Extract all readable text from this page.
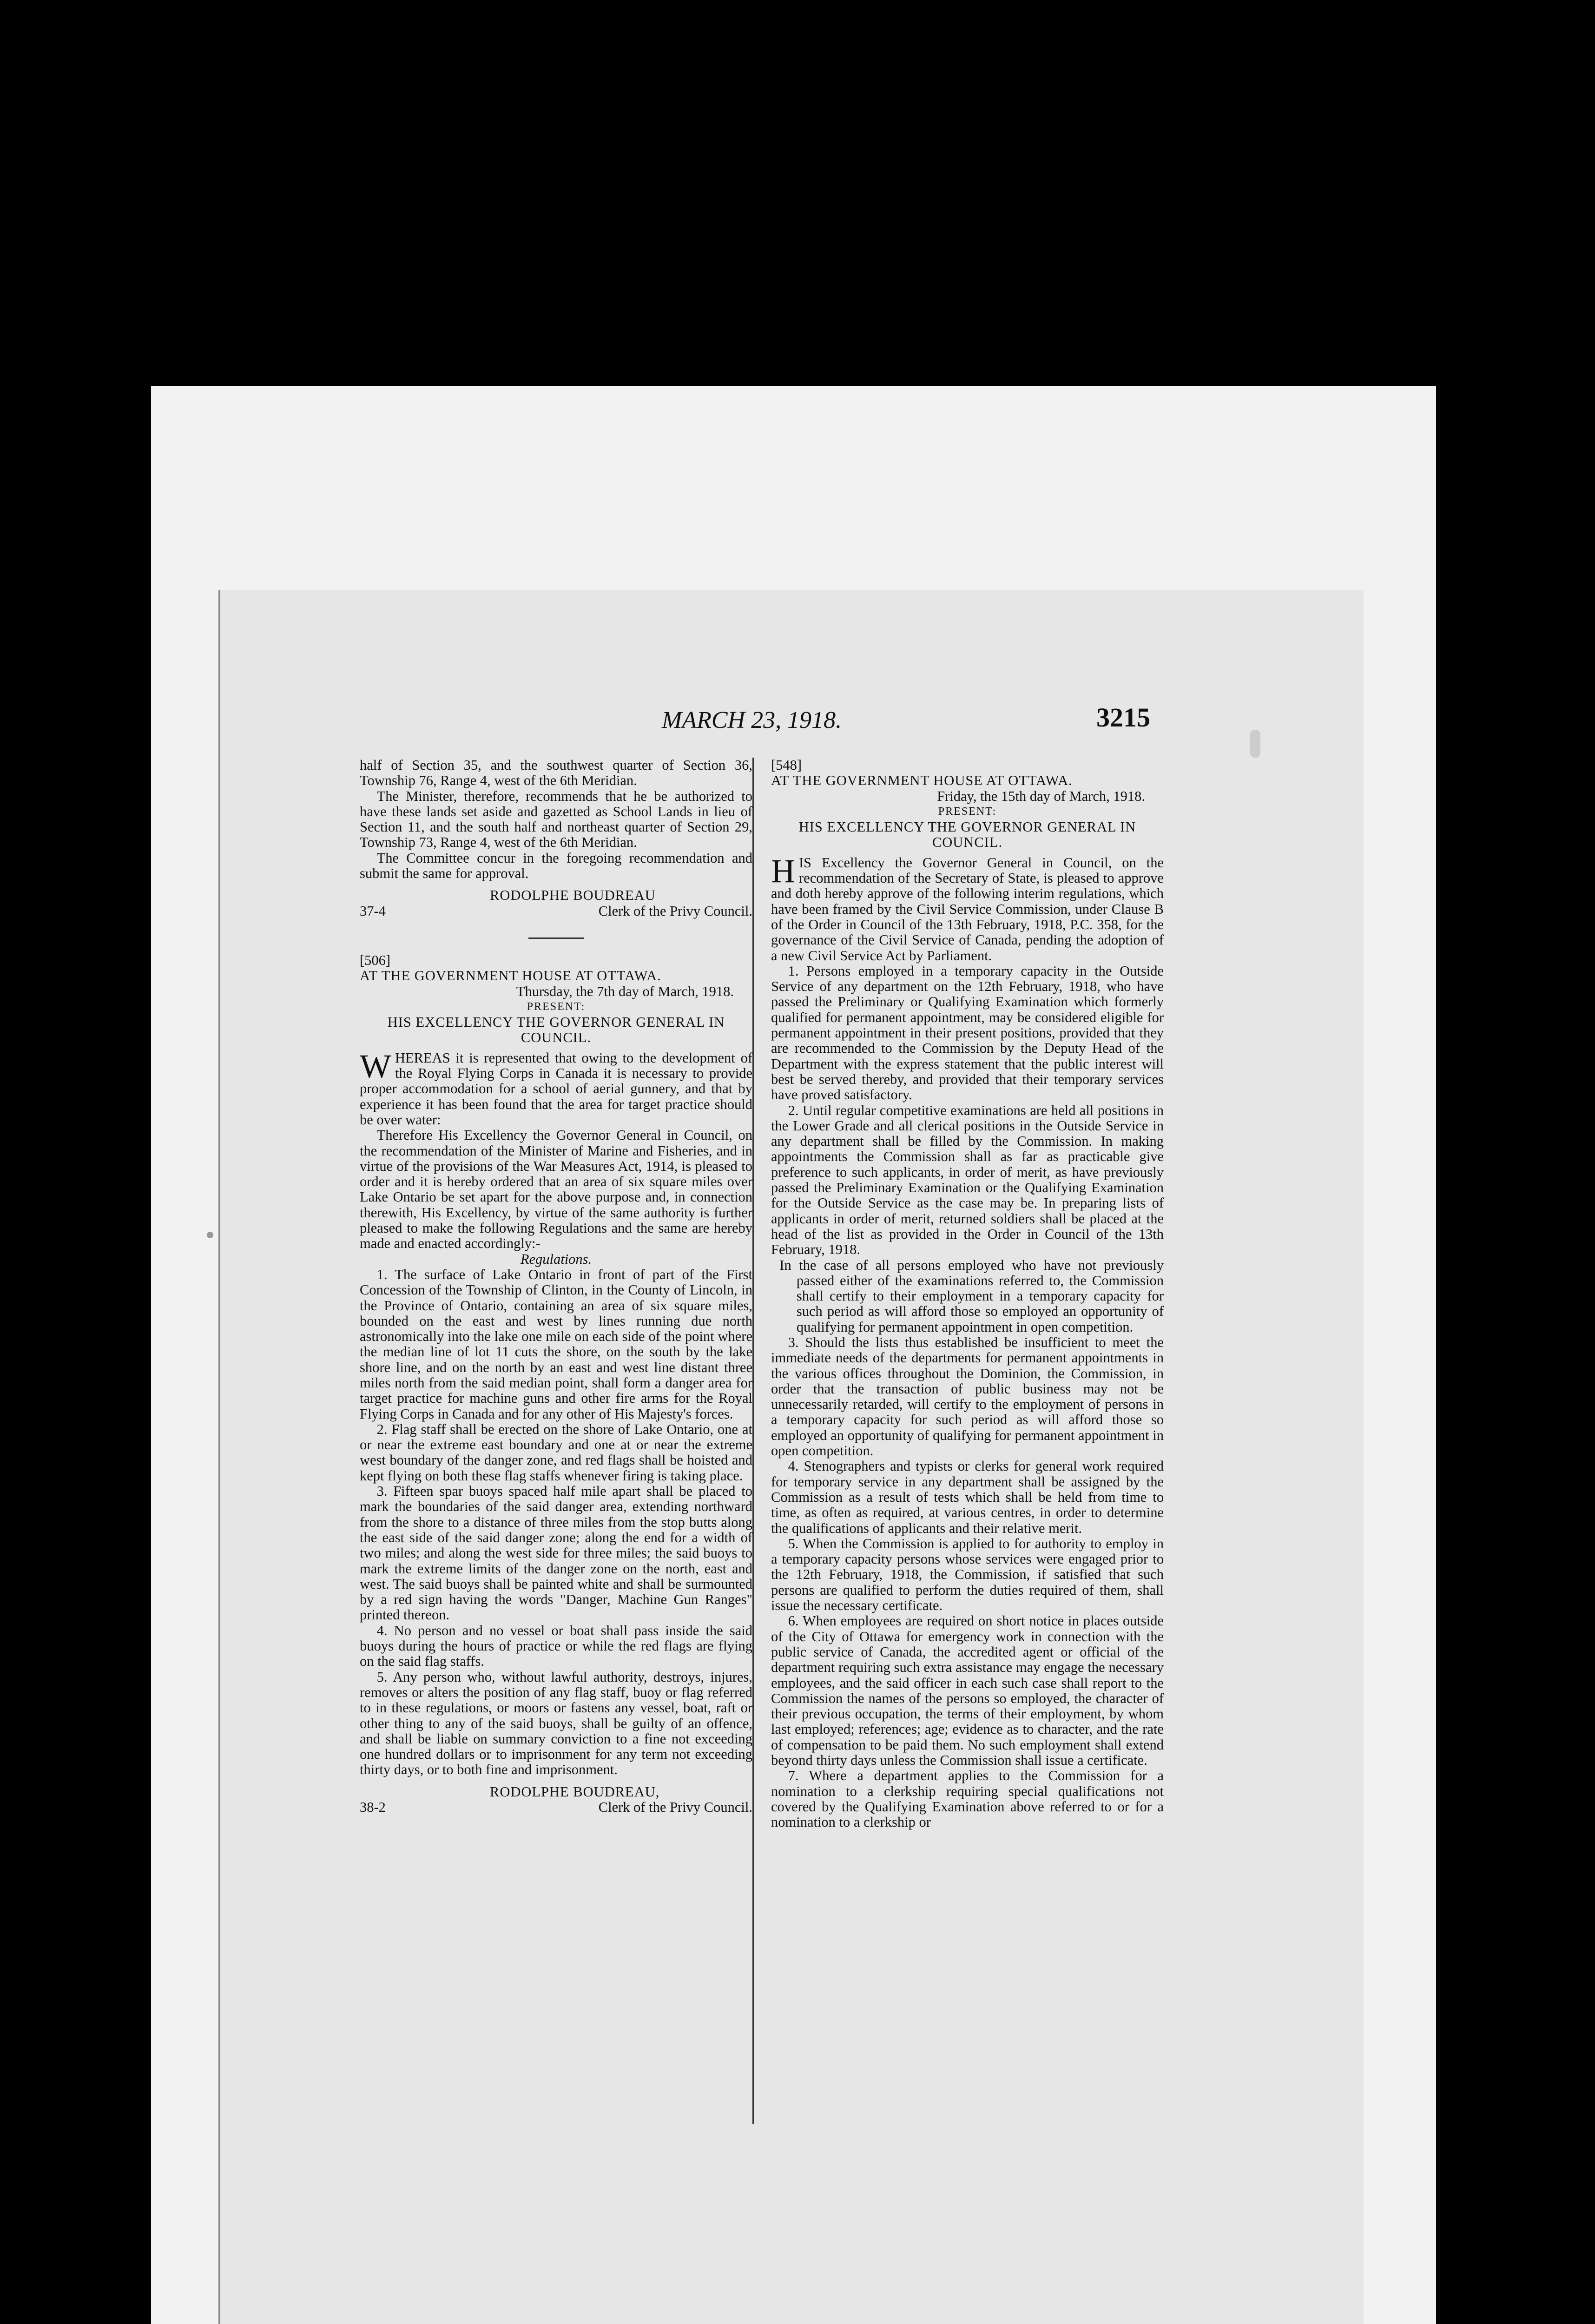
MARCH 23, 1918.	3215

half of Section 35, and the southwest quarter of Section 36, Township 76, Range 4, west of the 6th Meridian.

The Minister, therefore, recommends that he be authorized to have these lands set aside and gazetted as School Lands in lieu of Section 11, and the south half and northeast quarter of Section 29, Township 73, Range 4, west of the 6th Meridian.

The Committee concur in the foregoing recommendation and submit the same for approval.

RODOLPHE BOUDREAU
37-4	Clerk of the Privy Council.

[506]

AT THE GOVERNMENT HOUSE AT OTTAWA.

Thursday, the 7th day of March, 1918.

PRESENT:

HIS EXCELLENCY THE GOVERNOR GENERAL IN COUNCIL.

WHEREAS it is represented that owing to the development of the Royal Flying Corps in Canada it is necessary to provide proper accommodation for a school of aerial gunnery, and that by experience it has been found that the area for target practice should be over water:

Therefore His Excellency the Governor General in Council, on the recommendation of the Minister of Marine and Fisheries, and in virtue of the provisions of the War Measures Act, 1914, is pleased to order and it is hereby ordered that an area of six square miles over Lake Ontario be set apart for the above purpose and, in connection therewith, His Excellency, by virtue of the same authority is further pleased to make the following Regulations and the same are hereby made and enacted accordingly:-

Regulations.

1. The surface of Lake Ontario in front of part of the First Concession of the Township of Clinton, in the County of Lincoln, in the Province of Ontario, containing an area of six square miles, bounded on the east and west by lines running due north astronomically into the lake one mile on each side of the point where the median line of lot 11 cuts the shore, on the south by the lake shore line, and on the north by an east and west line distant three miles north from the said median point, shall form a danger area for target practice for machine guns and other fire arms for the Royal Flying Corps in Canada and for any other of His Majesty's forces.

2. Flag staff shall be erected on the shore of Lake Ontario, one at or near the extreme east boundary and one at or near the extreme west boundary of the danger zone, and red flags shall be hoisted and kept flying on both these flag staffs whenever firing is taking place.

3. Fifteen spar buoys spaced half mile apart shall be placed to mark the boundaries of the said danger area, extending northward from the shore to a distance of three miles from the stop butts along the east side of the said danger zone; along the end for a width of two miles; and along the west side for three miles; the said buoys to mark the extreme limits of the danger zone on the north, east and west. The said buoys shall be painted white and shall be surmounted by a red sign having the words "Danger, Machine Gun Ranges" printed thereon.

4. No person and no vessel or boat shall pass inside the said buoys during the hours of practice or while the red flags are flying on the said flag staffs.

5. Any person who, without lawful authority, destroys, injures, removes or alters the position of any flag staff, buoy or flag referred to in these regulations, or moors or fastens any vessel, boat, raft or other thing to any of the said buoys, shall be guilty of an offence, and shall be liable on summary conviction to a fine not exceeding one hundred dollars or to imprisonment for any term not exceeding thirty days, or to both fine and imprisonment.

RODOLPHE BOUDREAU,
38-2	Clerk of the Privy Council.

[548]

AT THE GOVERNMENT HOUSE AT OTTAWA.

Friday, the 15th day of March, 1918.

PRESENT:

HIS EXCELLENCY THE GOVERNOR GENERAL IN COUNCIL.

HIS Excellency the Governor General in Council, on the recommendation of the Secretary of State, is pleased to approve and doth hereby approve of the following interim regulations, which have been framed by the Civil Service Commission, under Clause B of the Order in Council of the 13th February, 1918, P.C. 358, for the governance of the Civil Service of Canada, pending the adoption of a new Civil Service Act by Parliament.

1. Persons employed in a temporary capacity in the Outside Service of any department on the 12th February, 1918, who have passed the Preliminary or Qualifying Examination which formerly qualified for permanent appointment, may be considered eligible for permanent appointment in their present positions, provided that they are recommended to the Commission by the Deputy Head of the Department with the express statement that the public interest will best be served thereby, and provided that their temporary services have proved satisfactory.

2. Until regular competitive examinations are held all positions in the Lower Grade and all clerical positions in the Outside Service in any department shall be filled by the Commission. In making appointments the Commission shall as far as practicable give preference to such applicants, in order of merit, as have previously passed the Preliminary Examination or the Qualifying Examination for the Outside Service as the case may be. In preparing lists of applicants in order of merit, returned soldiers shall be placed at the head of the list as provided in the Order in Council of the 13th February, 1918.

In the case of all persons employed who have not previously passed either of the examinations referred to, the Commission shall certify to their employment in a temporary capacity for such period as will afford those so employed an opportunity of qualifying for permanent appointment in open competition.

3. Should the lists thus established be insufficient to meet the immediate needs of the departments for permanent appointments in the various offices throughout the Dominion, the Commission, in order that the transaction of public business may not be unnecessarily retarded, will certify to the employment of persons in a temporary capacity for such period as will afford those so employed an opportunity of qualifying for permanent appointment in open competition.

4. Stenographers and typists or clerks for general work required for temporary service in any department shall be assigned by the Commission as a result of tests which shall be held from time to time, as often as required, at various centres, in order to determine the qualifications of applicants and their relative merit.

5. When the Commission is applied to for authority to employ in a temporary capacity persons whose services were engaged prior to the 12th February, 1918, the Commission, if satisfied that such persons are qualified to perform the duties required of them, shall issue the necessary certificate.

6. When employees are required on short notice in places outside of the City of Ottawa for emergency work in connection with the public service of Canada, the accredited agent or official of the department requiring such extra assistance may engage the necessary employees, and the said officer in each such case shall report to the Commission the names of the persons so employed, the character of their previous occupation, the terms of their employment, by whom last employed; references; age; evidence as to character, and the rate of compensation to be paid them. No such employment shall extend beyond thirty days unless the Commission shall issue a certificate.

7. Where a department applies to the Commission for a nomination to a clerkship requiring special qualifications not covered by the Qualifying Examination above referred to or for a nomination to a clerkship or
